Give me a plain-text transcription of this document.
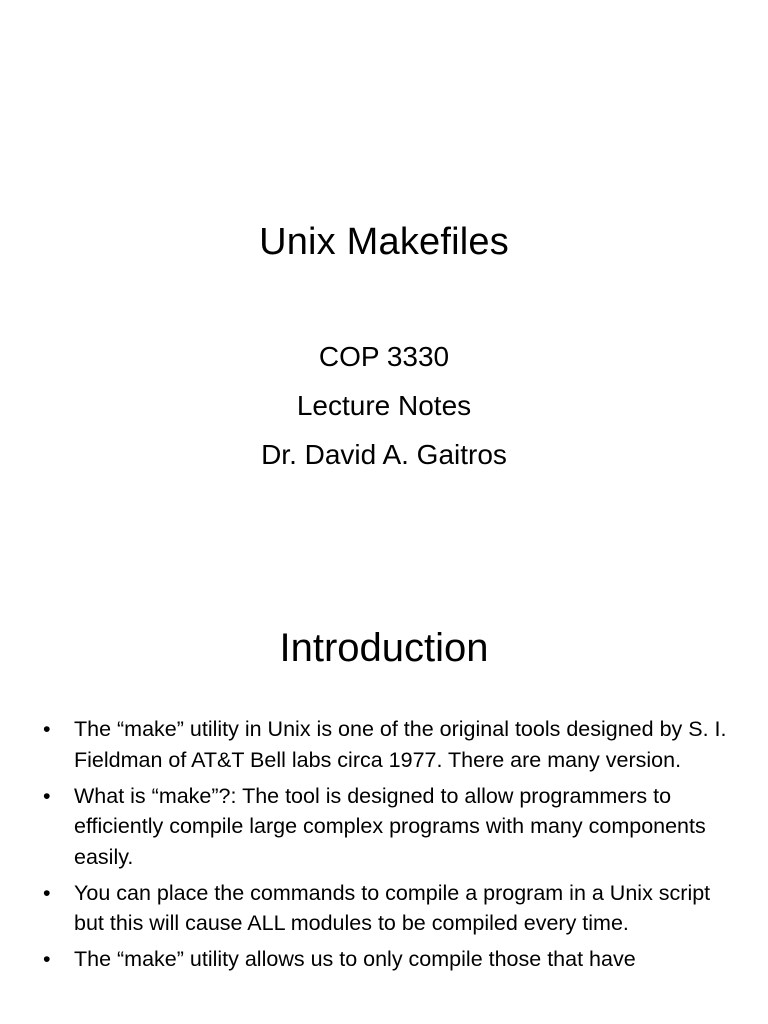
Unix Makefiles
COP 3330
Lecture Notes
Dr. David A. Gaitros
Introduction
•	The “make” utility in Unix is one of the original tools designed by S. I. Fieldman of AT&T Bell labs circa 1977. There are many version.
•	What is “make”?: The tool is designed to allow programmers to efficiently compile large complex programs with many components easily.
•	You can place the commands to compile a program in a Unix script but this will cause ALL modules to be compiled every time.
•	The “make” utility allows us to only compile those that have
